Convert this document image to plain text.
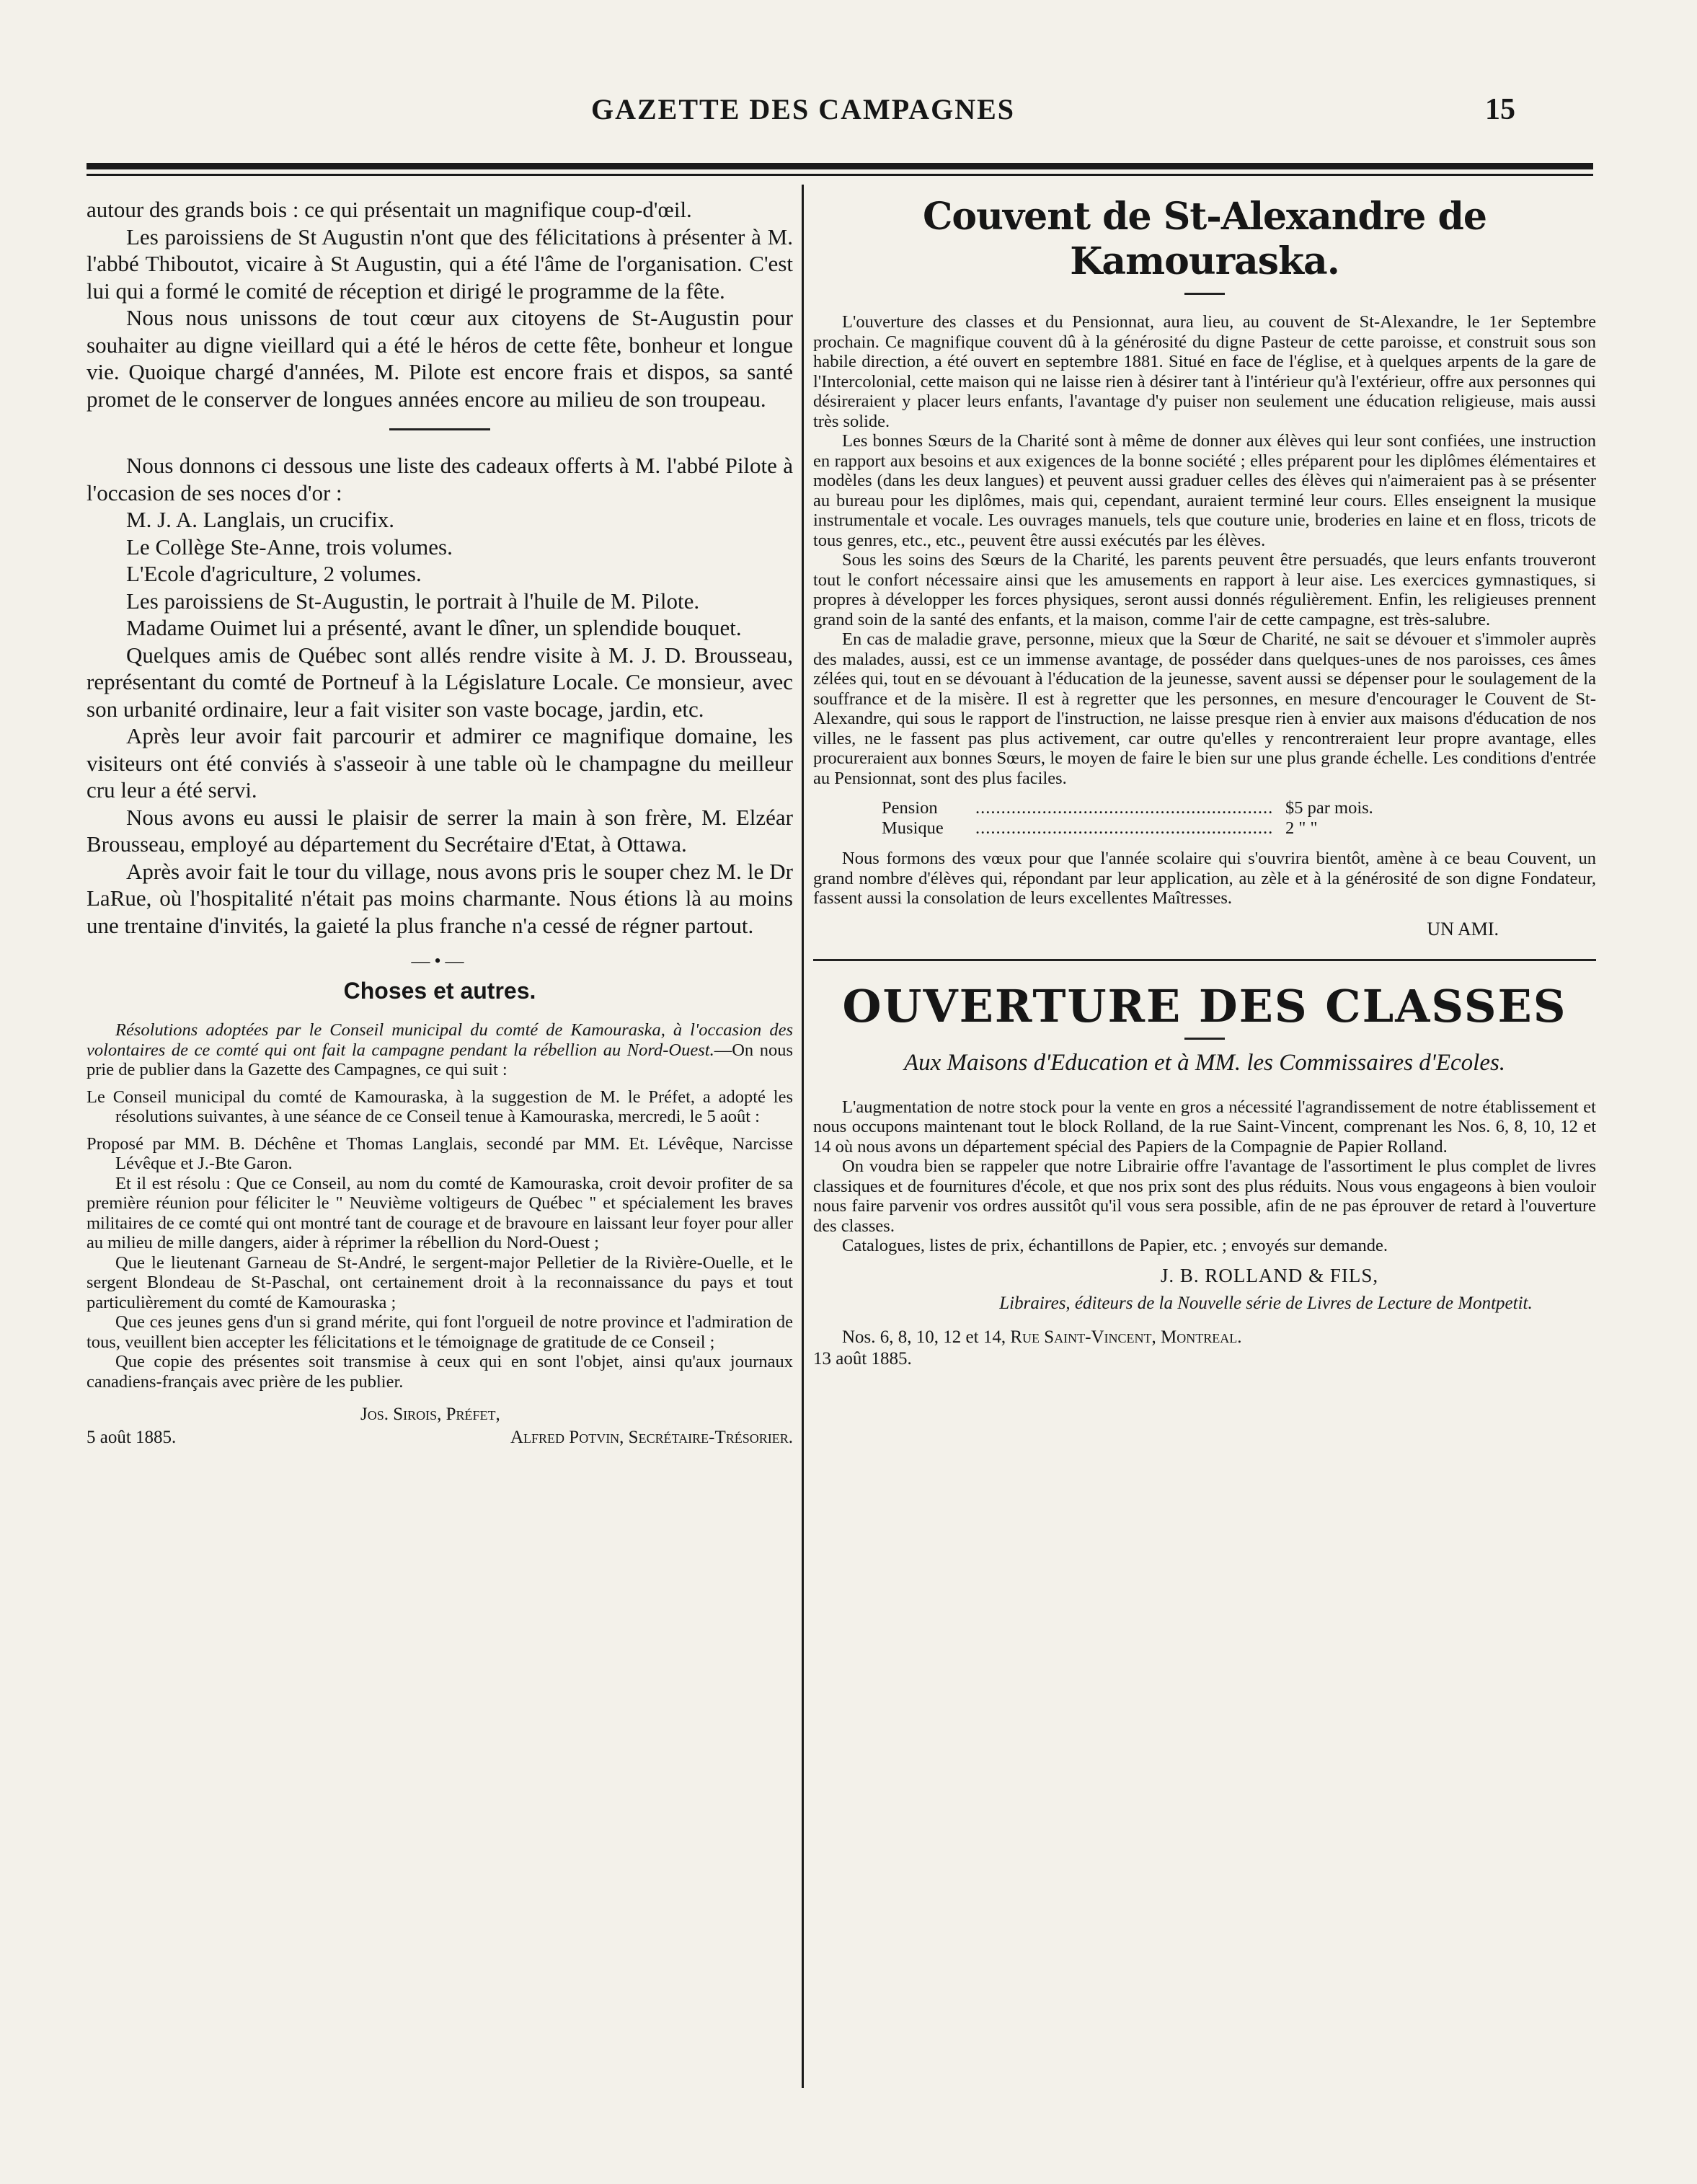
GAZETTE DES CAMPAGNES	15

autour des grands bois : ce qui présentait un magnifique coup-d'œil.

Les paroissiens de St Augustin n'ont que des félicitations à présenter à M. l'abbé Thiboutot, vicaire à St Augustin, qui a été l'âme de l'organisation. C'est lui qui a formé le comité de réception et dirigé le programme de la fête.

Nous nous unissons de tout cœur aux citoyens de St-Augustin pour souhaiter au digne vieillard qui a été le héros de cette fête, bonheur et longue vie. Quoique chargé d'années, M. Pilote est encore frais et dispos, sa santé promet de le conserver de longues années encore au milieu de son troupeau.

Nous donnons ci dessous une liste des cadeaux offerts à M. l'abbé Pilote à l'occasion de ses noces d'or :

M. J. A. Langlais, un crucifix.

Le Collège Ste-Anne, trois volumes.

L'Ecole d'agriculture, 2 volumes.

Les paroissiens de St-Augustin, le portrait à l'huile de M. Pilote.

Madame Ouimet lui a présenté, avant le dîner, un splendide bouquet.

Quelques amis de Québec sont allés rendre visite à M. J. D. Brousseau, représentant du comté de Portneuf à la Législature Locale. Ce monsieur, avec son urbanité ordinaire, leur a fait visiter son vaste bocage, jardin, etc.

Après leur avoir fait parcourir et admirer ce magnifique domaine, les visiteurs ont été conviés à s'asseoir à une table où le champagne du meilleur cru leur a été servi.

Nous avons eu aussi le plaisir de serrer la main à son frère, M. Elzéar Brousseau, employé au département du Secrétaire d'Etat, à Ottawa.

Après avoir fait le tour du village, nous avons pris le souper chez M. le Dr LaRue, où l'hospitalité n'était pas moins charmante. Nous étions là au moins une trentaine d'invités, la gaieté la plus franche n'a cessé de régner partout.

—•—
Choses et autres.

Résolutions adoptées par le Conseil municipal du comté de Kamouraska, à l'occasion des volontaires de ce comté qui ont fait la campagne pendant la rébellion au Nord-Ouest.—On nous prie de publier dans la Gazette des Campagnes, ce qui suit :

Le Conseil municipal du comté de Kamouraska, à la suggestion de M. le Préfet, a adopté les résolutions suivantes, à une séance de ce Conseil tenue à Kamouraska, mercredi, le 5 août :

Proposé par MM. B. Déchêne et Thomas Langlais, secondé par MM. Et. Lévêque, Narcisse Lévêque et J.-Bte Garon.

Et il est résolu : Que ce Conseil, au nom du comté de Kamouraska, croit devoir profiter de sa première réunion pour féliciter le " Neuvième voltigeurs de Québec " et spécialement les braves militaires de ce comté qui ont montré tant de courage et de bravoure en laissant leur foyer pour aller au milieu de mille dangers, aider à réprimer la rébellion du Nord-Ouest ;

Que le lieutenant Garneau de St-André, le sergent-major Pelletier de la Rivière-Ouelle, et le sergent Blondeau de St-Paschal, ont certainement droit à la reconnaissance du pays et tout particulièrement du comté de Kamouraska ;

Que ces jeunes gens d'un si grand mérite, qui font l'orgueil de notre province et l'admiration de tous, veuillent bien accepter les félicitations et le témoignage de gratitude de ce Conseil ;

Que copie des présentes soit transmise à ceux qui en sont l'objet, ainsi qu'aux journaux canadiens-français avec prière de les publier.

Jos. Sirois, Préfet,
5 août 1885.	Alfred Potvin, Secrétaire-Trésorier.
Couvent de St-Alexandre de Kamouraska.

L'ouverture des classes et du Pensionnat, aura lieu, au couvent de St-Alexandre, le 1er Septembre prochain. Ce magnifique couvent dû à la générosité du digne Pasteur de cette paroisse, et construit sous son habile direction, a été ouvert en septembre 1881. Situé en face de l'église, et à quelques arpents de la gare de l'Intercolonial, cette maison qui ne laisse rien à désirer tant à l'intérieur qu'à l'extérieur, offre aux personnes qui désireraient y placer leurs enfants, l'avantage d'y puiser non seulement une éducation religieuse, mais aussi très solide.

Les bonnes Sœurs de la Charité sont à même de donner aux élèves qui leur sont confiées, une instruction en rapport aux besoins et aux exigences de la bonne société ; elles préparent pour les diplômes élémentaires et modèles (dans les deux langues) et peuvent aussi graduer celles des élèves qui n'aimeraient pas à se présenter au bureau pour les diplômes, mais qui, cependant, auraient terminé leur cours. Elles enseignent la musique instrumentale et vocale. Les ouvrages manuels, tels que couture unie, broderies en laine et en floss, tricots de tous genres, etc., etc., peuvent être aussi exécutés par les élèves.

Sous les soins des Sœurs de la Charité, les parents peuvent être persuadés, que leurs enfants trouveront tout le confort nécessaire ainsi que les amusements en rapport à leur aise. Les exercices gymnastiques, si propres à développer les forces physiques, seront aussi donnés régulièrement. Enfin, les religieuses prennent grand soin de la santé des enfants, et la maison, comme l'air de cette campagne, est très-salubre.

En cas de maladie grave, personne, mieux que la Sœur de Charité, ne sait se dévouer et s'immoler auprès des malades, aussi, est ce un immense avantage, de posséder dans quelques-unes de nos paroisses, ces âmes zélées qui, tout en se dévouant à l'éducation de la jeunesse, savent aussi se dépenser pour le soulagement de la souffrance et de la misère. Il est à regretter que les personnes, en mesure d'encourager le Couvent de St-Alexandre, qui sous le rapport de l'instruction, ne laisse presque rien à envier aux maisons d'éducation de nos villes, ne le fassent pas plus activement, car outre qu'elles y rencontreraient leur propre avantage, elles procureraient aux bonnes Sœurs, le moyen de faire le bien sur une plus grande échelle. Les conditions d'entrée au Pensionnat, sont des plus faciles.

Pension	.......................................................... $5 par mois.
Musique	.......................................................... 2 " "

Nous formons des vœux pour que l'année scolaire qui s'ouvrira bientôt, amène à ce beau Couvent, un grand nombre d'élèves qui, répondant par leur application, au zèle et à la générosité de son digne Fondateur, fassent aussi la consolation de leurs excellentes Maîtresses.

UN AMI.
OUVERTURE DES CLASSES
Aux Maisons d'Education et à MM. les Commissaires d'Ecoles.

L'augmentation de notre stock pour la vente en gros a nécessité l'agrandissement de notre établissement et nous occupons maintenant tout le block Rolland, de la rue Saint-Vincent, comprenant les Nos. 6, 8, 10, 12 et 14 où nous avons un département spécial des Papiers de la Compagnie de Papier Rolland.

On voudra bien se rappeler que notre Librairie offre l'avantage de l'assortiment le plus complet de livres classiques et de fournitures d'école, et que nos prix sont des plus réduits. Nous vous engageons à bien vouloir nous faire parvenir vos ordres aussitôt qu'il vous sera possible, afin de ne pas éprouver de retard à l'ouverture des classes.

Catalogues, listes de prix, échantillons de Papier, etc. ; envoyés sur demande.

J. B. ROLLAND & FILS,
Libraires, éditeurs de la Nouvelle série de Livres de Lecture de Montpetit.
Nos. 6, 8, 10, 12 et 14, Rue Saint-Vincent, Montreal.
13 août 1885.
